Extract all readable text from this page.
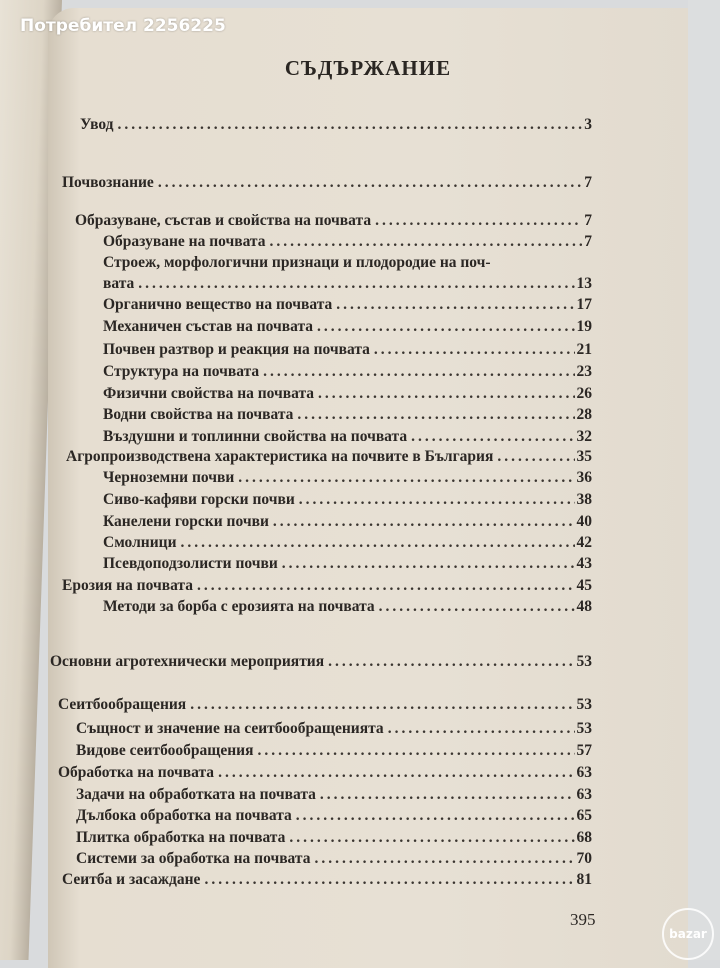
СЪДЪРЖАНИЕ
Увод .....	3
Почвознание .....	7
Образуване, състав и свойства на почвата .....	7
Образуване на почвата .....	7
Строеж, морфологични признаци и плодородие на поч-
вата .....	13
Органично вещество на почвата .....	17
Механичен състав на почвата .....	19
Почвен разтвор и реакция на почвата .....	21
Структура на почвата .....	23
Физични свойства на почвата .....	26
Водни свойства на почвата .....	28
Въздушни и топлинни свойства на почвата .....	32
Агропроизводствена характеристика на почвите в България .....	35
Черноземни почви .....	36
Сиво-кафяви горски почви .....	38
Канелени горски почви .....	40
Смолници .....	42
Псевдоподзолисти почви .....	43
Ерозия на почвата .....	45
Методи за борба с ерозията на почвата .....	48
Основни агротехнически мероприятия .....	53
Сеитбообращения .....	53
Същност и значение на сеитбообращенията .....	53
Видове сеитбообращения .....	57
Обработка на почвата .....	63
Задачи на обработката на почвата .....	63
Дълбока обработка на почвата .....	65
Плитка обработка на почвата .....	68
Системи за обработка на почвата .....	70
Сеитба и засаждане .....	81
395
Потребител 2256225
bazar
